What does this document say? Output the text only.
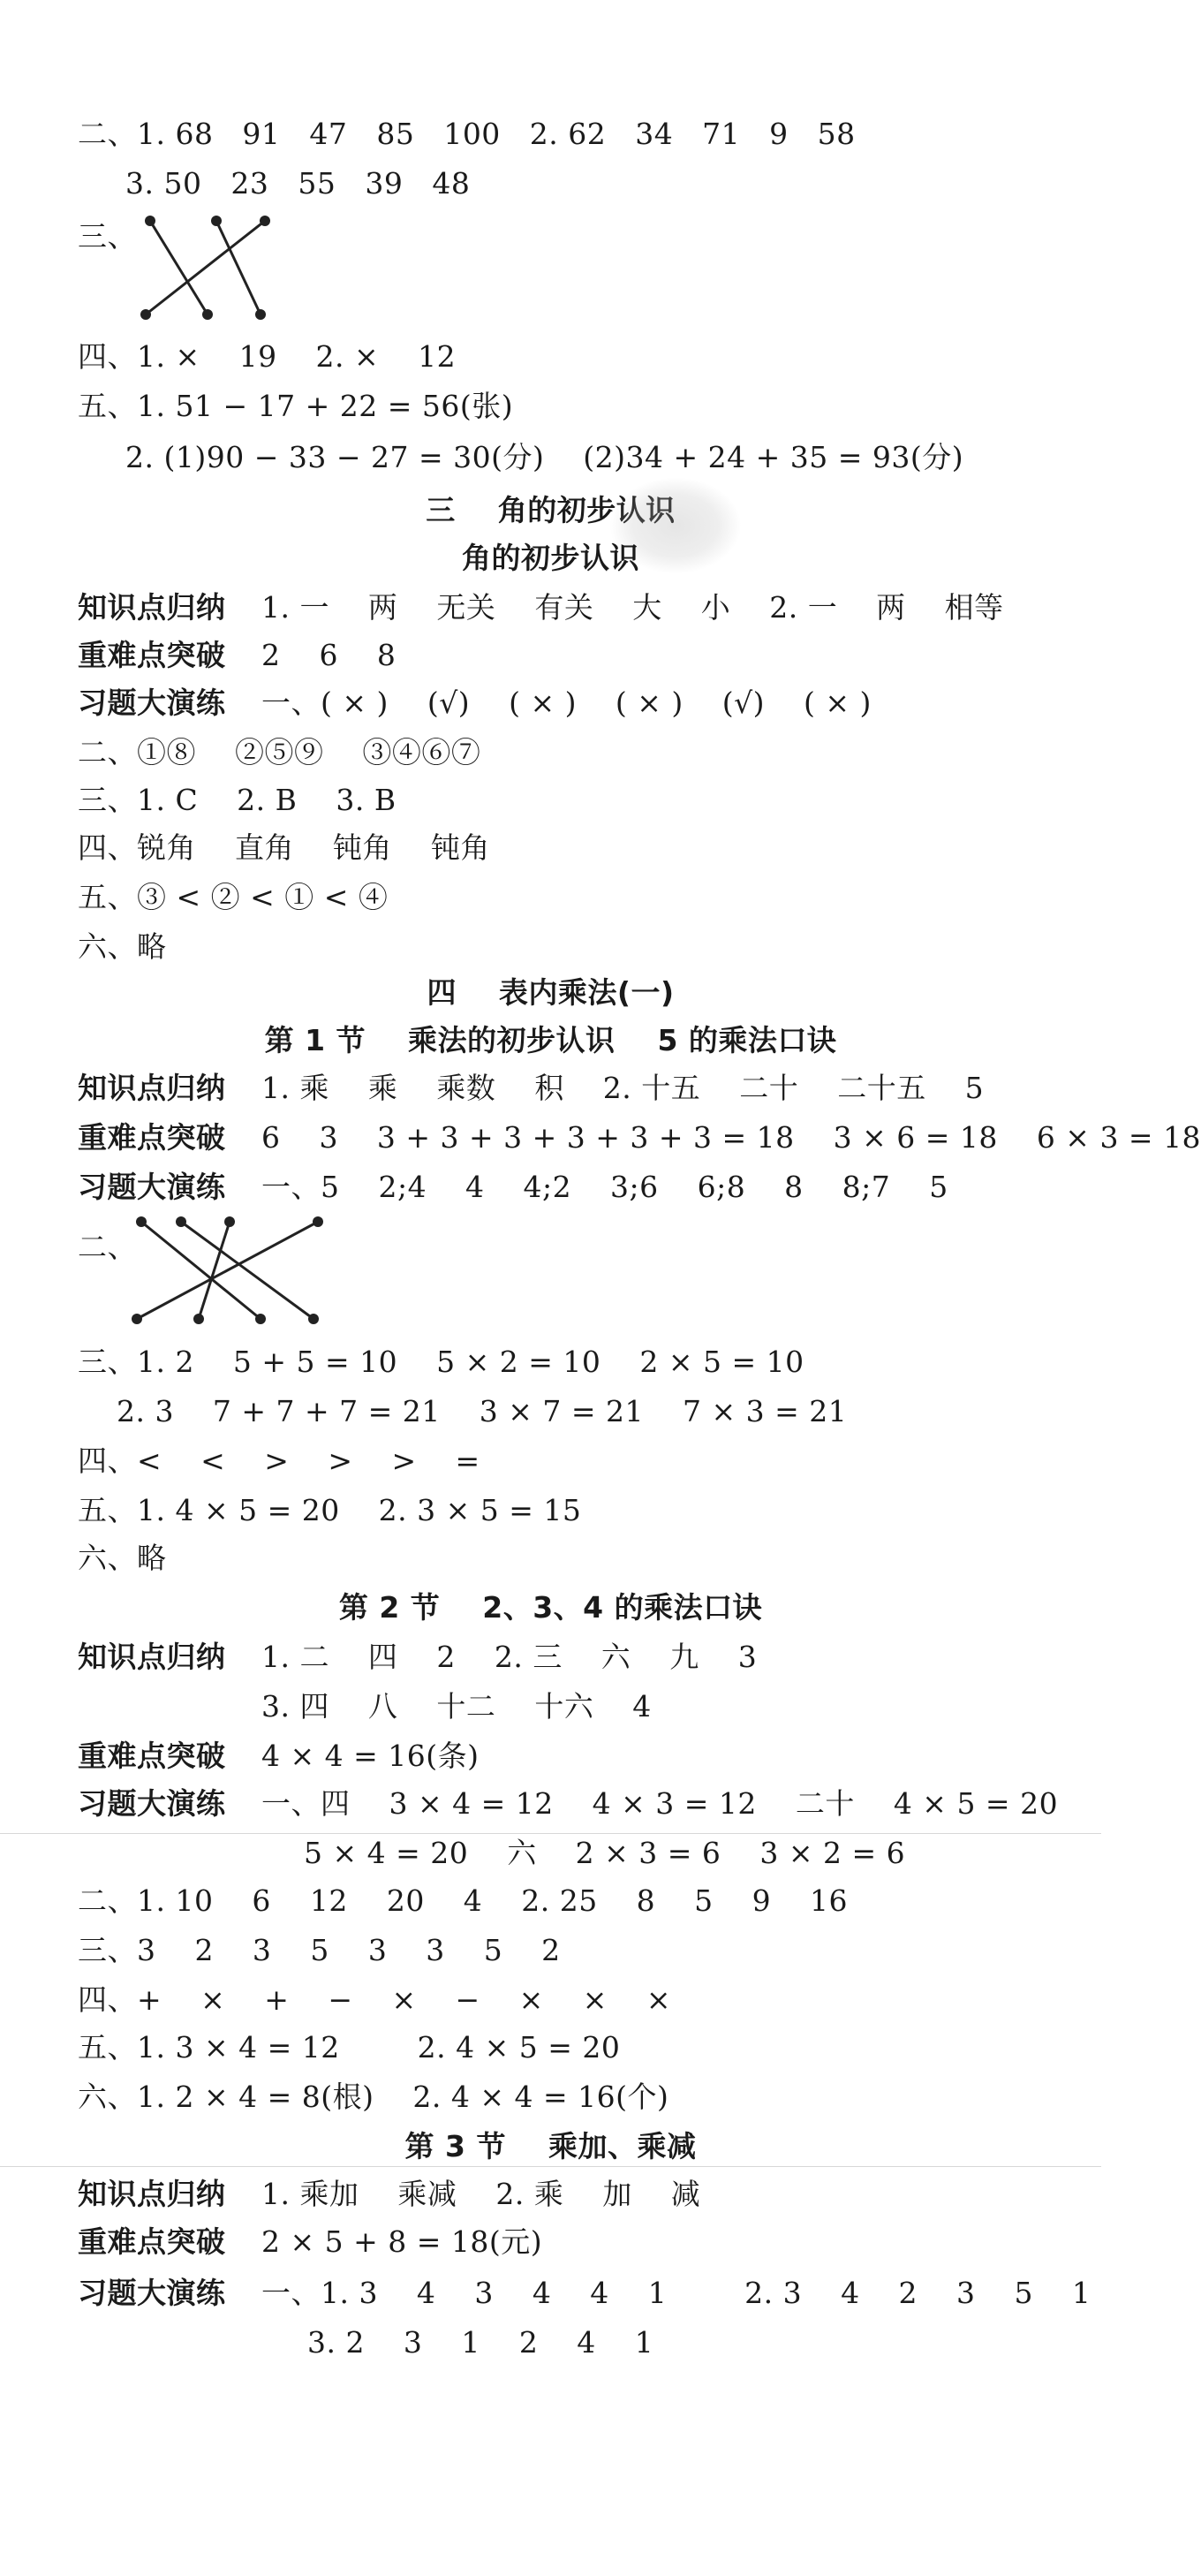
二、1. 68   91   47   85   100   2. 62   34   71   9   58
3. 50   23   55   39   48
三、
四、1. ×    19    2. ×    12
五、1. 51 − 17 + 22 = 56(张)
2. (1)90 − 33 − 27 = 30(分)    (2)34 + 24 + 35 = 93(分)
三    角的初步认识
角的初步认识
知识点归纳 1. 一    两    无关    有关    大    小    2. 一    两    相等
重难点突破 2    6    8
习题大演练 一、( × )    (√)    ( × )    ( × )    (√)    ( × )
二、①⑧    ②⑤⑨    ③④⑥⑦
三、1. C    2. B    3. B
四、锐角    直角    钝角    钝角
五、③ < ② < ① < ④
六、略
四    表内乘法(一)
第 1 节    乘法的初步认识    5 的乘法口诀
知识点归纳 1. 乘    乘    乘数    积    2. 十五    二十    二十五    5
重难点突破 6    3    3 + 3 + 3 + 3 + 3 + 3 = 18    3 × 6 = 18    6 × 3 = 18
习题大演练 一、5    2;4    4    4;2    3;6    6;8    8    8;7    5
二、
三、1. 2    5 + 5 = 10    5 × 2 = 10    2 × 5 = 10
2. 3    7 + 7 + 7 = 21    3 × 7 = 21    7 × 3 = 21
四、<    <    >    >    >    =
五、1. 4 × 5 = 20    2. 3 × 5 = 15
六、略
第 2 节    2、3、4 的乘法口诀
知识点归纳 1. 二    四    2    2. 三    六    九    3
3. 四    八    十二    十六    4
重难点突破 4 × 4 = 16(条)
习题大演练 一、四    3 × 4 = 12    4 × 3 = 12    二十    4 × 5 = 20
5 × 4 = 20    六    2 × 3 = 6    3 × 2 = 6
二、1. 10    6    12    20    4    2. 25    8    5    9    16
三、3    2    3    5    3    3    5    2
四、+    ×    +    −    ×    −    ×    ×    ×
五、1. 3 × 4 = 12        2. 4 × 5 = 20
六、1. 2 × 4 = 8(根)    2. 4 × 4 = 16(个)
第 3 节    乘加、乘减
知识点归纳 1. 乘加    乘减    2. 乘    加    减
重难点突破 2 × 5 + 8 = 18(元)
习题大演练 一、1. 3    4    3    4    4    1        2. 3    4    2    3    5    1
3. 2    3    1    2    4    1
